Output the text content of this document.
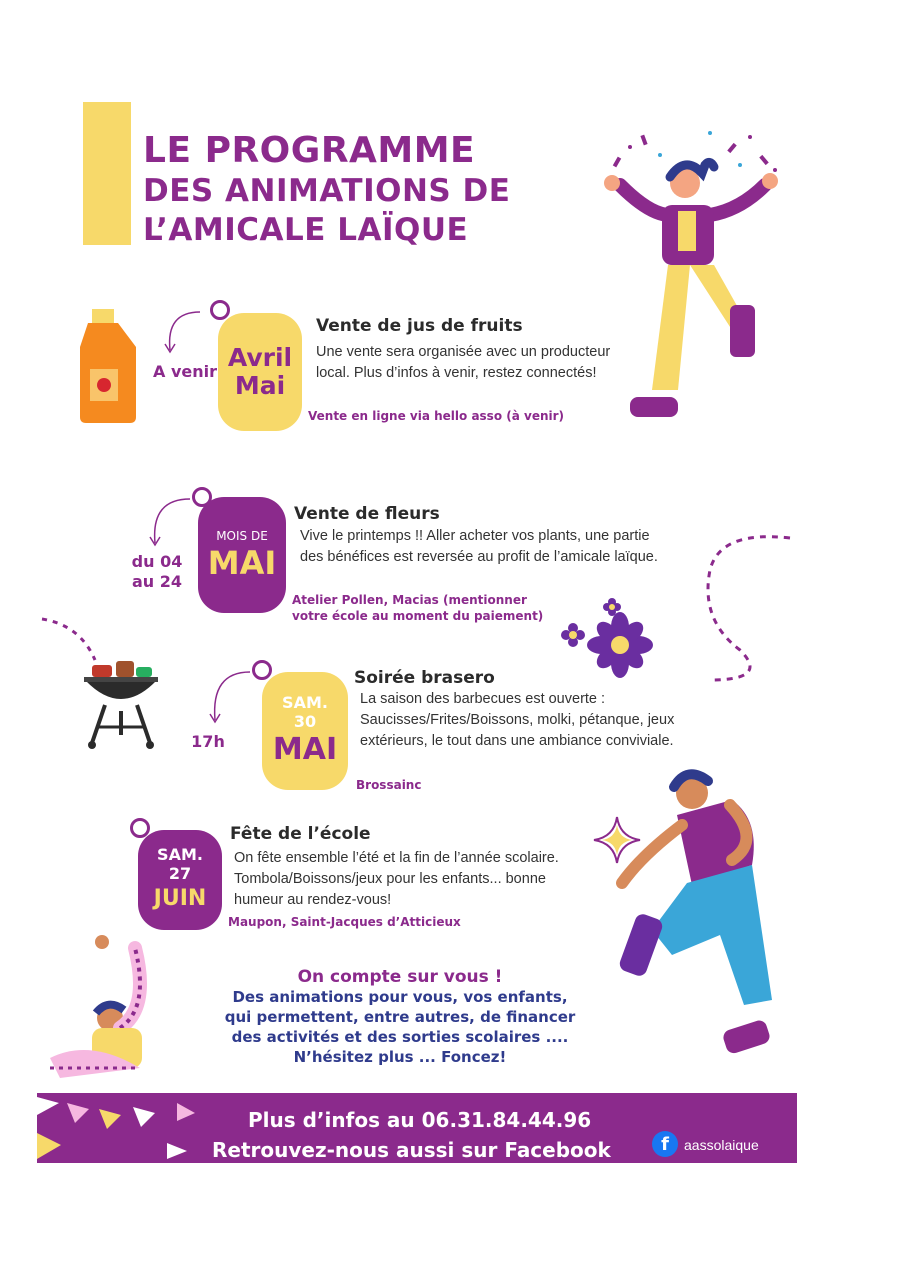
LE PROGRAMME
DES ANIMATIONS DE
L’AMICALE LAÏQUE
A venir Avril
Mai
Vente de jus de fruits
Une vente sera organisée avec un producteur local. Plus d’infos à venir, restez connectés!
Vente en ligne via hello asso (à venir)
du 04 au 24
MOIS DE
MAI
Vente de fleurs
Vive le printemps !! Aller acheter vos plants, une partie des bénéfices est reversée au profit de l’amicale laïque.
Atelier Pollen, Macias (mentionner votre école au moment du paiement)
17h
SAM.
30
MAI
Soirée brasero
La saison des barbecues est ouverte : Saucisses/Frites/Boissons, molki, pétanque, jeux extérieurs, le tout dans une ambiance conviviale.
Brossainc
SAM.
27
JUIN
Fête de l’école
On fête ensemble l’été et la fin de l’année scolaire. Tombola/Boissons/jeux pour les enfants... bonne humeur au rendez-vous!
Maupon, Saint-Jacques d’Atticieux
On compte sur vous !
Des animations pour vous, vos enfants,
qui permettent, entre autres, de financer
des activités et des sorties scolaires ....
N’hésitez plus ... Foncez!
Plus d’infos au 06.31.84.44.96
Retrouvez-nous aussi sur Facebook	f	aassolaique
